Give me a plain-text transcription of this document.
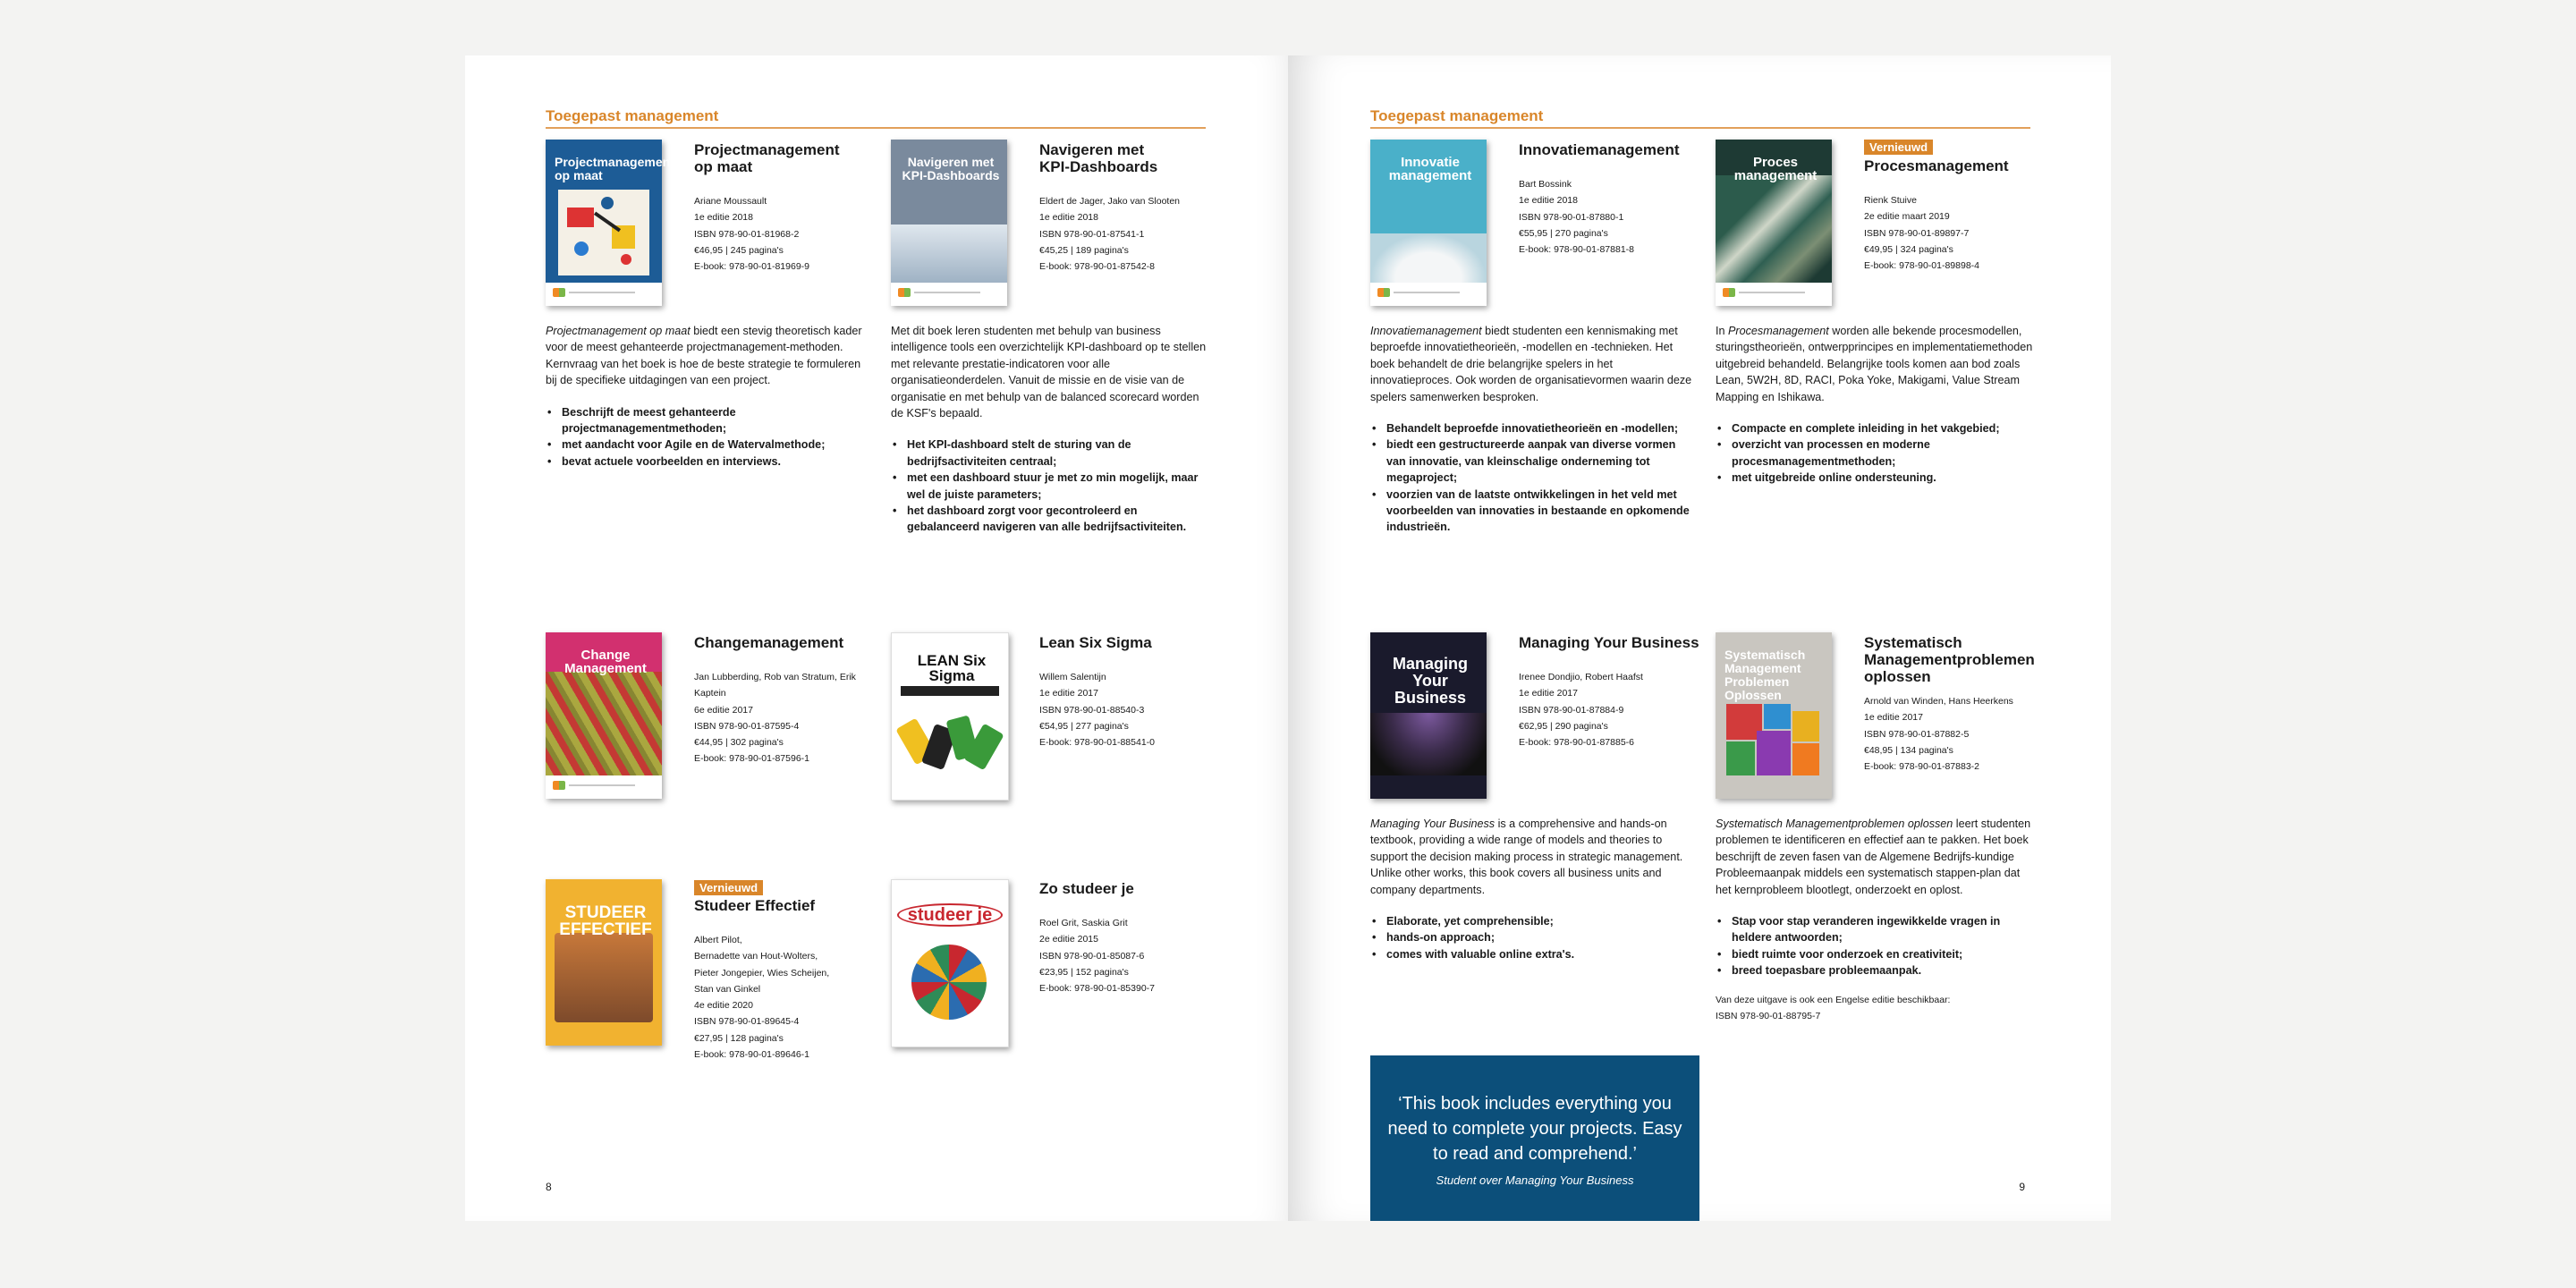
Toegepast management
Projectmanagement op maat
Projectmanagement
op maat
Ariane Moussault
1e editie 2018
ISBN 978-90-01-81968-2
€46,95 | 245 pagina's
E-book: 978-90-01-81969-9

Projectmanagement op maat biedt een stevig theoretisch kader voor de meest gehanteerde projectmanagement-methoden. Kernvraag van het boek is hoe de beste strategie te formuleren bij de specifieke uitdagingen van een project.

• Beschrijft de meest gehanteerde projectmanagementmethoden;
• met aandacht voor Agile en de Watervalmethode;
• bevat actuele voorbeelden en interviews.
Navigeren met KPI-Dashboards
Navigeren met
KPI-Dashboards
Eldert de Jager, Jako van Slooten
1e editie 2018
ISBN 978-90-01-87541-1
€45,25 | 189 pagina's
E-book: 978-90-01-87542-8

Met dit boek leren studenten met behulp van business intelligence tools een overzichtelijk KPI-dashboard op te stellen met relevante prestatie-indicatoren voor alle organisatieonderdelen. Vanuit de missie en de visie van de organisatie en met behulp van de balanced scorecard worden de KSF's bepaald.

• Het KPI-dashboard stelt de sturing van de bedrijfsactiviteiten centraal;
• met een dashboard stuur je met zo min mogelijk, maar wel de juiste parameters;
• het dashboard zorgt voor gecontroleerd en gebalanceerd navigeren van alle bedrijfsactiviteiten.
Change Management
Changemanagement
Jan Lubberding, Rob van Stratum, Erik
Kaptein
6e editie 2017
ISBN 978-90-01-87595-4
€44,95 | 302 pagina's
E-book: 978-90-01-87596-1
LEAN Six Sigma
Lean Six Sigma
Willem Salentijn
1e editie 2017
ISBN 978-90-01-88540-3
€54,95 | 277 pagina's
E-book: 978-90-01-88541-0
STUDEER EFFECTIEF
Vernieuwd
Studeer Effectief
Albert Pilot,
Bernadette van Hout-Wolters,
Pieter Jongepier, Wies Scheijen,
Stan van Ginkel
4e editie 2020
ISBN 978-90-01-89645-4
€27,95 | 128 pagina's
E-book: 978-90-01-89646-1
studeer je
Zo studeer je
Roel Grit, Saskia Grit
2e editie 2015
ISBN 978-90-01-85087-6
€23,95 | 152 pagina's
E-book: 978-90-01-85390-7
8
Toegepast management
Innovatie management
Innovatiemanagement
Bart Bossink
1e editie 2018
ISBN 978-90-01-87880-1
€55,95 | 270 pagina's
E-book: 978-90-01-87881-8

Innovatiemanagement biedt studenten een kennismaking met beproefde innovatietheorieën, -modellen en -technieken. Het boek behandelt de drie belangrijke spelers in het innovatieproces. Ook worden de organisatievormen waarin deze spelers samenwerken besproken.

• Behandelt beproefde innovatietheorieën en -modellen;
• biedt een gestructureerde aanpak van diverse vormen van innovatie, van kleinschalige onderneming tot megaproject;
• voorzien van de laatste ontwikkelingen in het veld met voorbeelden van innovaties in bestaande en opkomende industrieën.
Proces management
Vernieuwd
Procesmanagement
Rienk Stuive
2e editie maart 2019
ISBN 978-90-01-89897-7
€49,95 | 324 pagina's
E-book: 978-90-01-89898-4

In Procesmanagement worden alle bekende procesmodellen, sturingstheorieën, ontwerpprincipes en implementatiemethoden uitgebreid behandeld. Belangrijke tools komen aan bod zoals Lean, 5W2H, 8D, RACI, Poka Yoke, Makigami, Value Stream Mapping en Ishikawa.

• Compacte en complete inleiding in het vakgebied;
• overzicht van processen en moderne procesmanagementmethoden;
• met uitgebreide online ondersteuning.
Managing Your Business
Managing Your Business
Irenee Dondjio, Robert Haafst
1e editie 2017
ISBN 978-90-01-87884-9
€62,95 | 290 pagina's
E-book: 978-90-01-87885-6

Managing Your Business is a comprehensive and hands-on textbook, providing a wide range of models and theories to support the decision making process in strategic management. Unlike other works, this book covers all business units and company departments.

• Elaborate, yet comprehensible;
• hands-on approach;
• comes with valuable online extra's.
Systematisch Management Problemen Oplossen
Systematisch
Managementproblemen
oplossen
Arnold van Winden, Hans Heerkens
1e editie 2017
ISBN 978-90-01-87882-5
€48,95 | 134 pagina's
E-book: 978-90-01-87883-2

Systematisch Managementproblemen oplossen leert studenten problemen te identificeren en effectief aan te pakken. Het boek beschrijft de zeven fasen van de Algemene Bedrijfs-kundige Probleemaanpak middels een systematisch stappen-plan dat het kernprobleem blootlegt, onderzoekt en oplost.

• Stap voor stap veranderen ingewikkelde vragen in heldere antwoorden;
• biedt ruimte voor onderzoek en creativiteit;
• breed toepasbare probleemaanpak.
Van deze uitgave is ook een Engelse editie beschikbaar:
ISBN 978-90-01-88795-7
‘This book includes everything you need to complete your projects. Easy to read and comprehend.’
Student over Managing Your Business	9
